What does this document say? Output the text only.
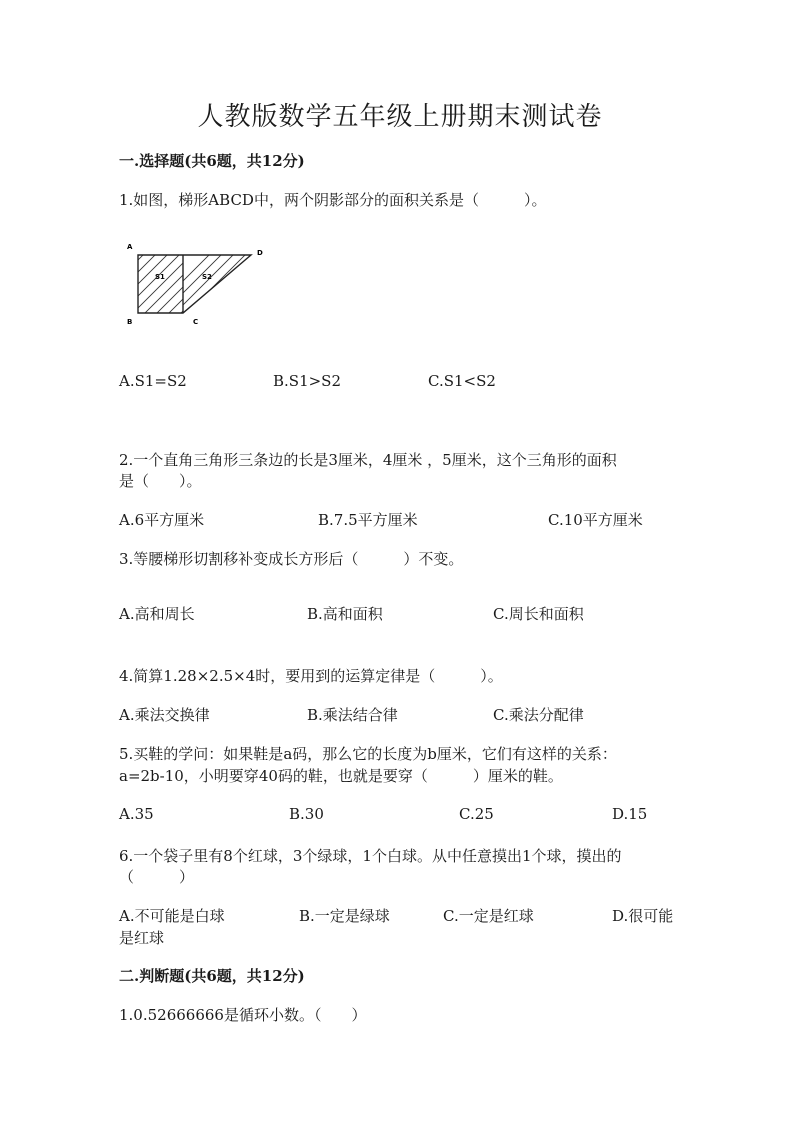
人教版数学五年级上册期末测试卷
一.选择题(共6题，共12分)
1.如图，梯形ABCD中，两个阴影部分的面积关系是（　　　）。
A
B	C
D
S1	S2
A.S1=S2	B.S1>S2	C.S1<S2
2.一个直角三角形三条边的长是3厘米，4厘米 ，5厘米，这个三角形的面积
是（　　）。
A.6平方厘米	B.7.5平方厘米	C.10平方厘米
3.等腰梯形切割移补变成长方形后（　　　）不变。
A.高和周长	B.高和面积	C.周长和面积
4.简算1.28×2.5×4时，要用到的运算定律是（　　　）。
A.乘法交换律	B.乘法结合律	C.乘法分配律
5.买鞋的学问：如果鞋是a码，那么它的长度为b厘米，它们有这样的关系：
a=2b-10，小明要穿40码的鞋，也就是要穿（　　　）厘米的鞋。
A.35	B.30	C.25	D.15
6.一个袋子里有8个红球，3个绿球，1个白球。从中任意摸出1个球，摸出的
（　　　）
A.不可能是白球	B.一定是绿球	C.一定是红球	D.很可能
是红球
二.判断题(共6题，共12分)
1.0.52666666是循环小数。（　　）
